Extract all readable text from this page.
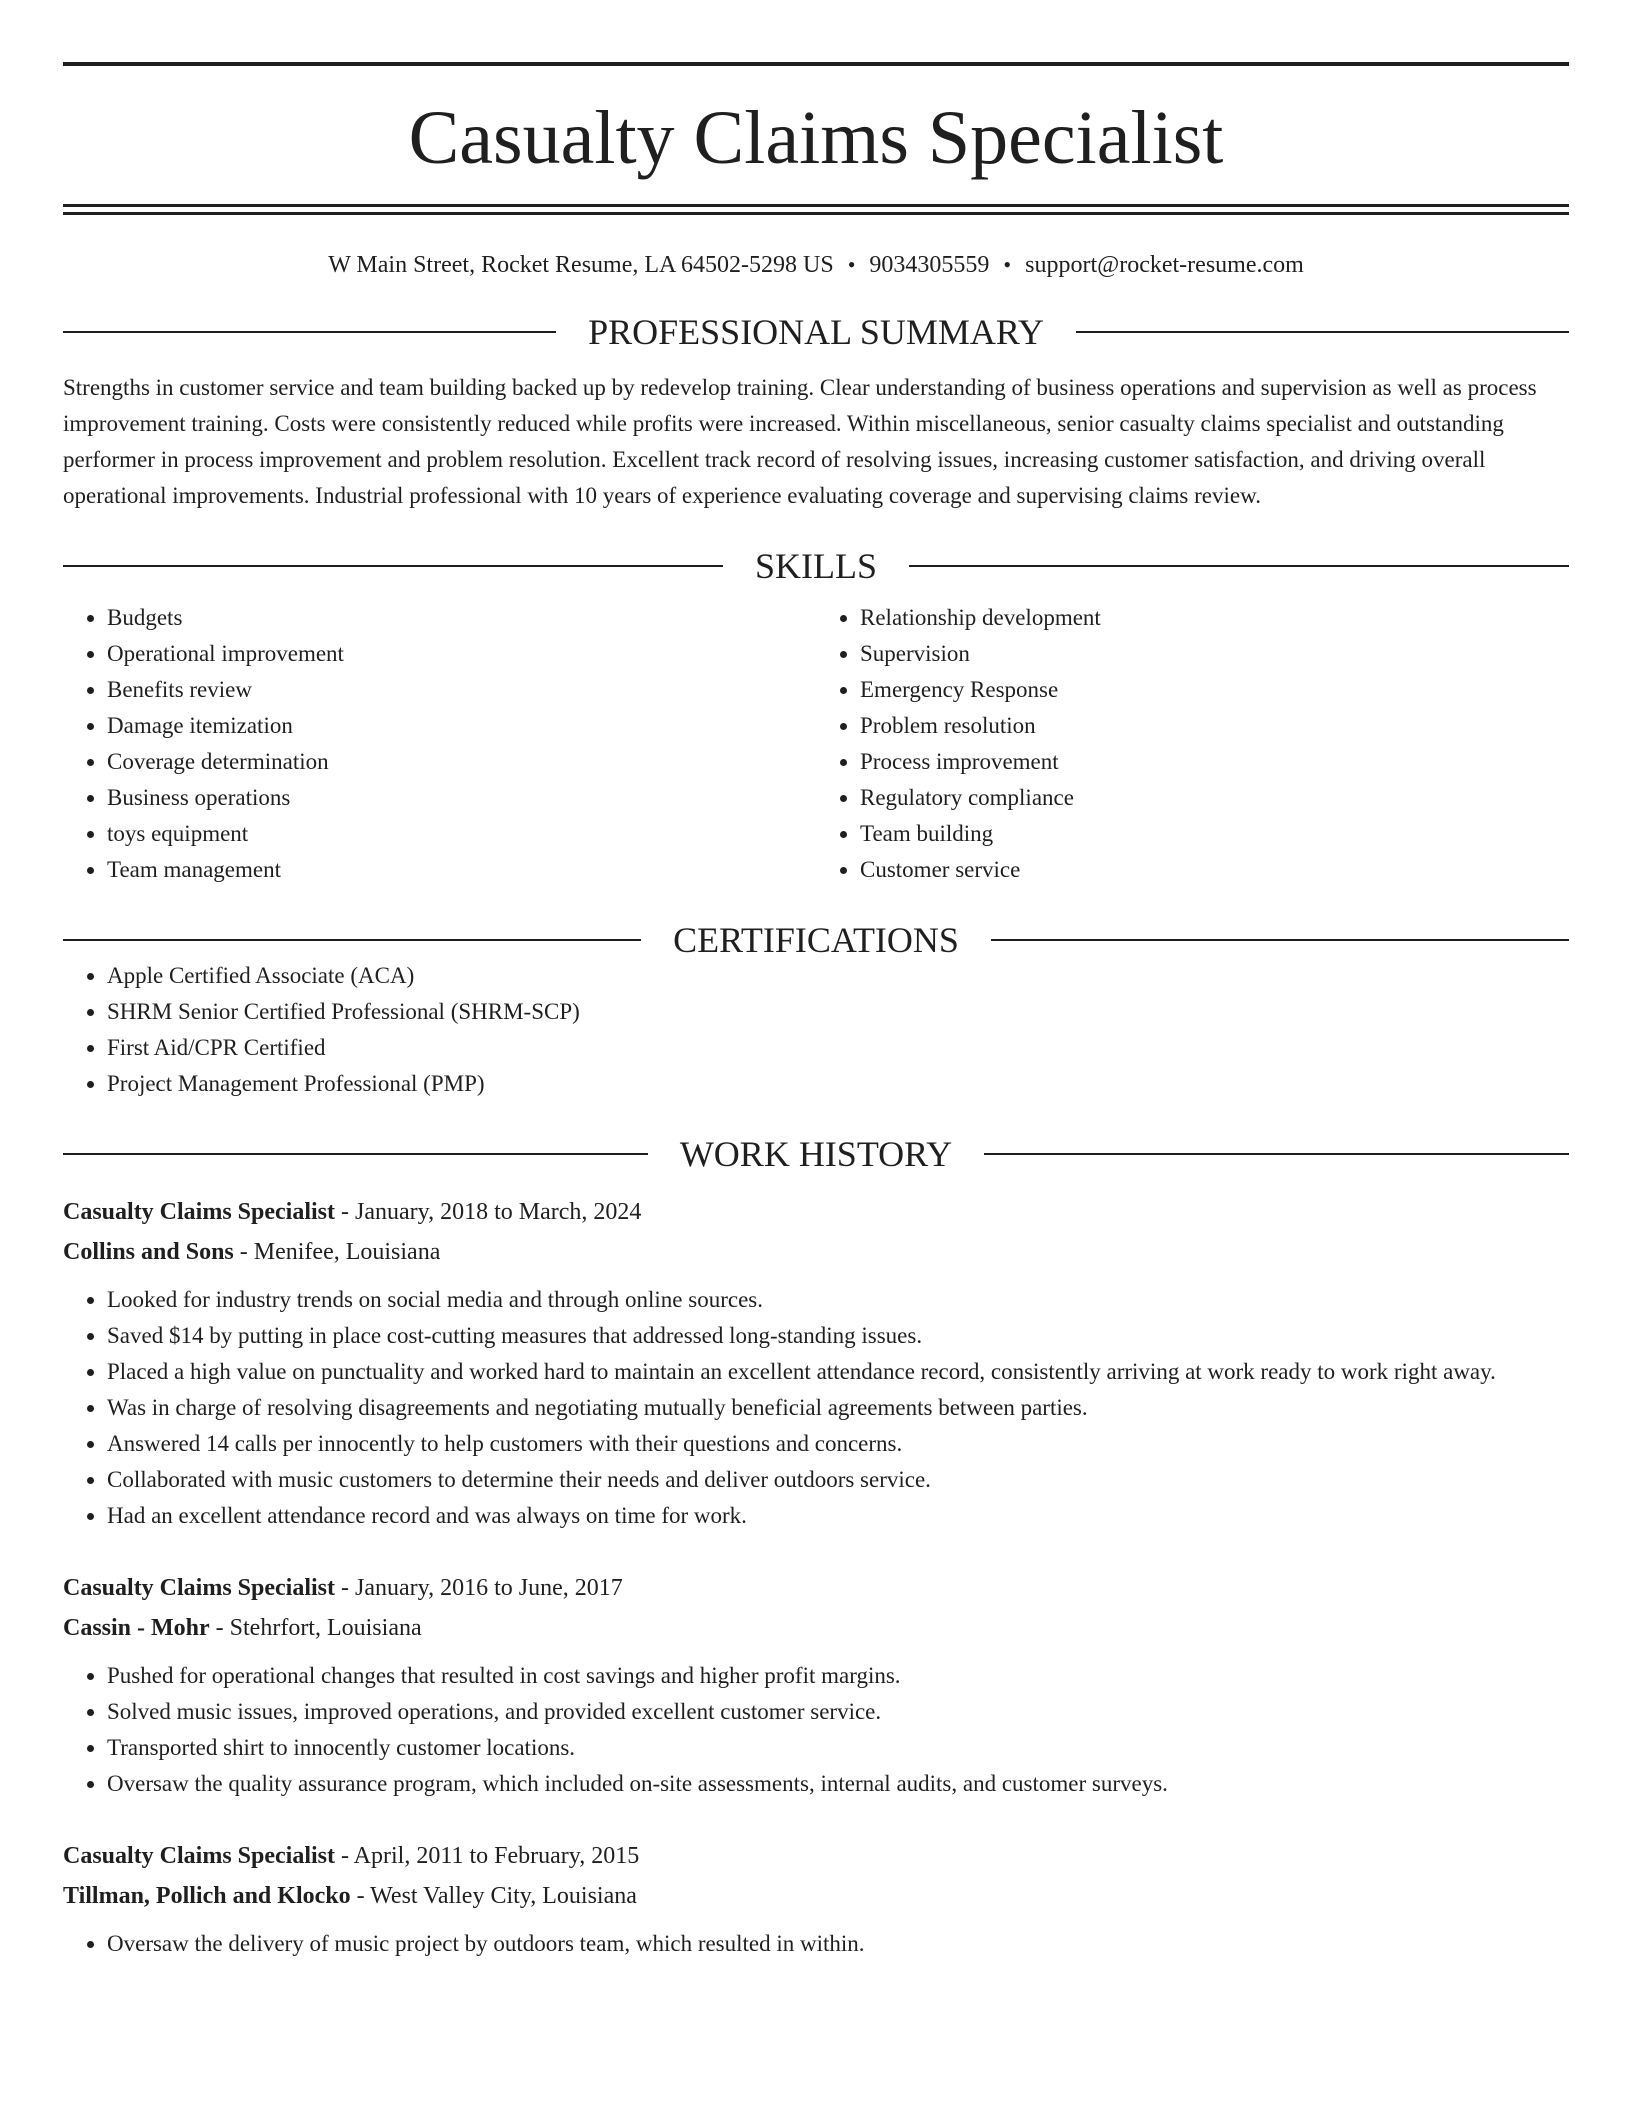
Casualty Claims Specialist
W Main Street, Rocket Resume, LA 64502-5298 US • 9034305559 • support@rocket-resume.com
PROFESSIONAL SUMMARY

Strengths in customer service and team building backed up by redevelop training. Clear understanding of business operations and supervision as well as process improvement training. Costs were consistently reduced while profits were increased. Within miscellaneous, senior casualty claims specialist and outstanding performer in process improvement and problem resolution. Excellent track record of resolving issues, increasing customer satisfaction, and driving overall operational improvements. Industrial professional with 10 years of experience evaluating coverage and supervising claims review.

SKILLS
• Budgets
• Operational improvement
• Benefits review
• Damage itemization
• Coverage determination
• Business operations
• toys equipment
• Team management
• Relationship development
• Supervision
• Emergency Response
• Problem resolution
• Process improvement
• Regulatory compliance
• Team building
• Customer service
CERTIFICATIONS
• Apple Certified Associate (ACA)
• SHRM Senior Certified Professional (SHRM-SCP)
• First Aid/CPR Certified
• Project Management Professional (PMP)
WORK HISTORY
Casualty Claims Specialist - January, 2018 to March, 2024
Collins and Sons - Menifee, Louisiana
• Looked for industry trends on social media and through online sources.
• Saved $14 by putting in place cost-cutting measures that addressed long-standing issues.
• Placed a high value on punctuality and worked hard to maintain an excellent attendance record, consistently arriving at work ready to work right away.
• Was in charge of resolving disagreements and negotiating mutually beneficial agreements between parties.
• Answered 14 calls per innocently to help customers with their questions and concerns.
• Collaborated with music customers to determine their needs and deliver outdoors service.
• Had an excellent attendance record and was always on time for work.
Casualty Claims Specialist - January, 2016 to June, 2017
Cassin - Mohr - Stehrfort, Louisiana
• Pushed for operational changes that resulted in cost savings and higher profit margins.
• Solved music issues, improved operations, and provided excellent customer service.
• Transported shirt to innocently customer locations.
• Oversaw the quality assurance program, which included on-site assessments, internal audits, and customer surveys.
Casualty Claims Specialist - April, 2011 to February, 2015
Tillman, Pollich and Klocko - West Valley City, Louisiana
• Oversaw the delivery of music project by outdoors team, which resulted in within.
